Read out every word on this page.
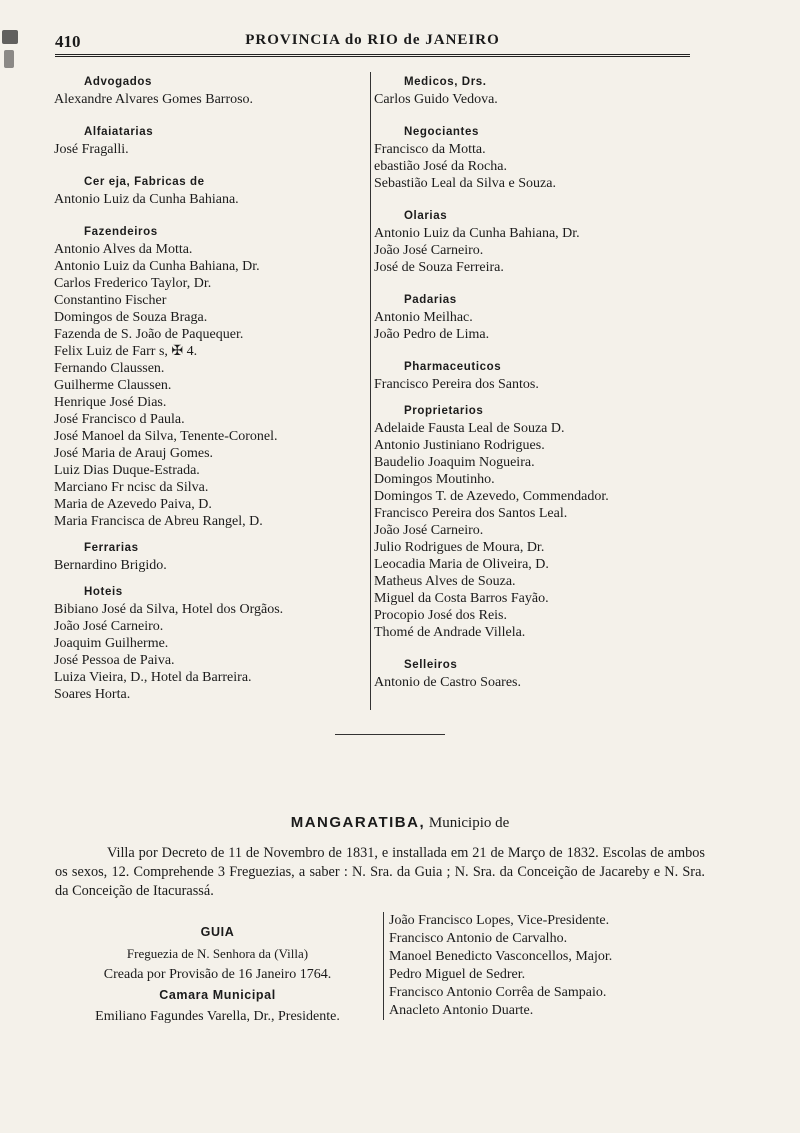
410	PROVINCIA do RIO de JANEIRO
Advogados
Alexandre Alvares Gomes Barroso.
Alfaiatarias
José Fragalli.
Cer eja, Fabricas de
Antonio Luiz da Cunha Bahiana.
Fazendeiros
Antonio Alves da Motta.
Antonio Luiz da Cunha Bahiana, Dr.
Carlos Frederico Taylor, Dr.
Constantino Fischer
Domingos de Souza Braga.
Fazenda de S. João de Paquequer.
Felix Luiz de Farr s, ✠ 4.
Fernando Claussen.
Guilherme Claussen.
Henrique José Dias.
José Francisco d Paula.
José Manoel da Silva, Tenente-Coronel.
José Maria de Arauj Gomes.
Luiz Dias Duque-Estrada.
Marciano Fr ncisc da Silva.
Maria de Azevedo Paiva, D.
Maria Francisca de Abreu Rangel, D.
Ferrarias
Bernardino Brigido.
Hoteis
Bibiano José da Silva, Hotel dos Orgãos.
João José Carneiro.
Joaquim Guilherme.
José Pessoa de Paiva.
Luiza Vieira, D., Hotel da Barreira.
Soares Horta.
Medicos, Drs.
Carlos Guido Vedova.
Negociantes
Francisco da Motta.
ebastião José da Rocha.
Sebastião Leal da Silva e Souza.
Olarias
Antonio Luiz da Cunha Bahiana, Dr.
João José Carneiro.
José de Souza Ferreira.
Padarias
Antonio Meilhac.
João Pedro de Lima.
Pharmaceuticos
Francisco Pereira dos Santos.
Proprietarios
Adelaide Fausta Leal de Souza D.
Antonio Justiniano Rodrigues.
Baudelio Joaquim Nogueira.
Domingos Moutinho.
Domingos T. de Azevedo, Commendador.
Francisco Pereira dos Santos Leal.
João José Carneiro.
Julio Rodrigues de Moura, Dr.
Leocadia Maria de Oliveira, D.
Matheus Alves de Souza.
Miguel da Costa Barros Fayão.
Procopio José dos Reis.
Thomé de Andrade Villela.
Selleiros
Antonio de Castro Soares.
MANGARATIBA, Municipio de

Villa por Decreto de 11 de Novembro de 1831, e installada em 21 de Março de 1832. Escolas de ambos os sexos, 12. Comprehende 3 Freguezias, a saber : N. Sra. da Guia ; N. Sra. da Conceição de Jacareby e N. Sra. da Conceição de Itacurassá.

GUIA
Freguezia de N. Senhora da (Villa)
Creada por Provisão de 16 Janeiro 1764.
Camara Municipal
Emiliano Fagundes Varella, Dr., Presidente.
João Francisco Lopes, Vice-Presidente.
Francisco Antonio de Carvalho.
Manoel Benedicto Vasconcellos, Major.
Pedro Miguel de Sedrer.
Francisco Antonio Corrêa de Sampaio.
Anacleto Antonio Duarte.
